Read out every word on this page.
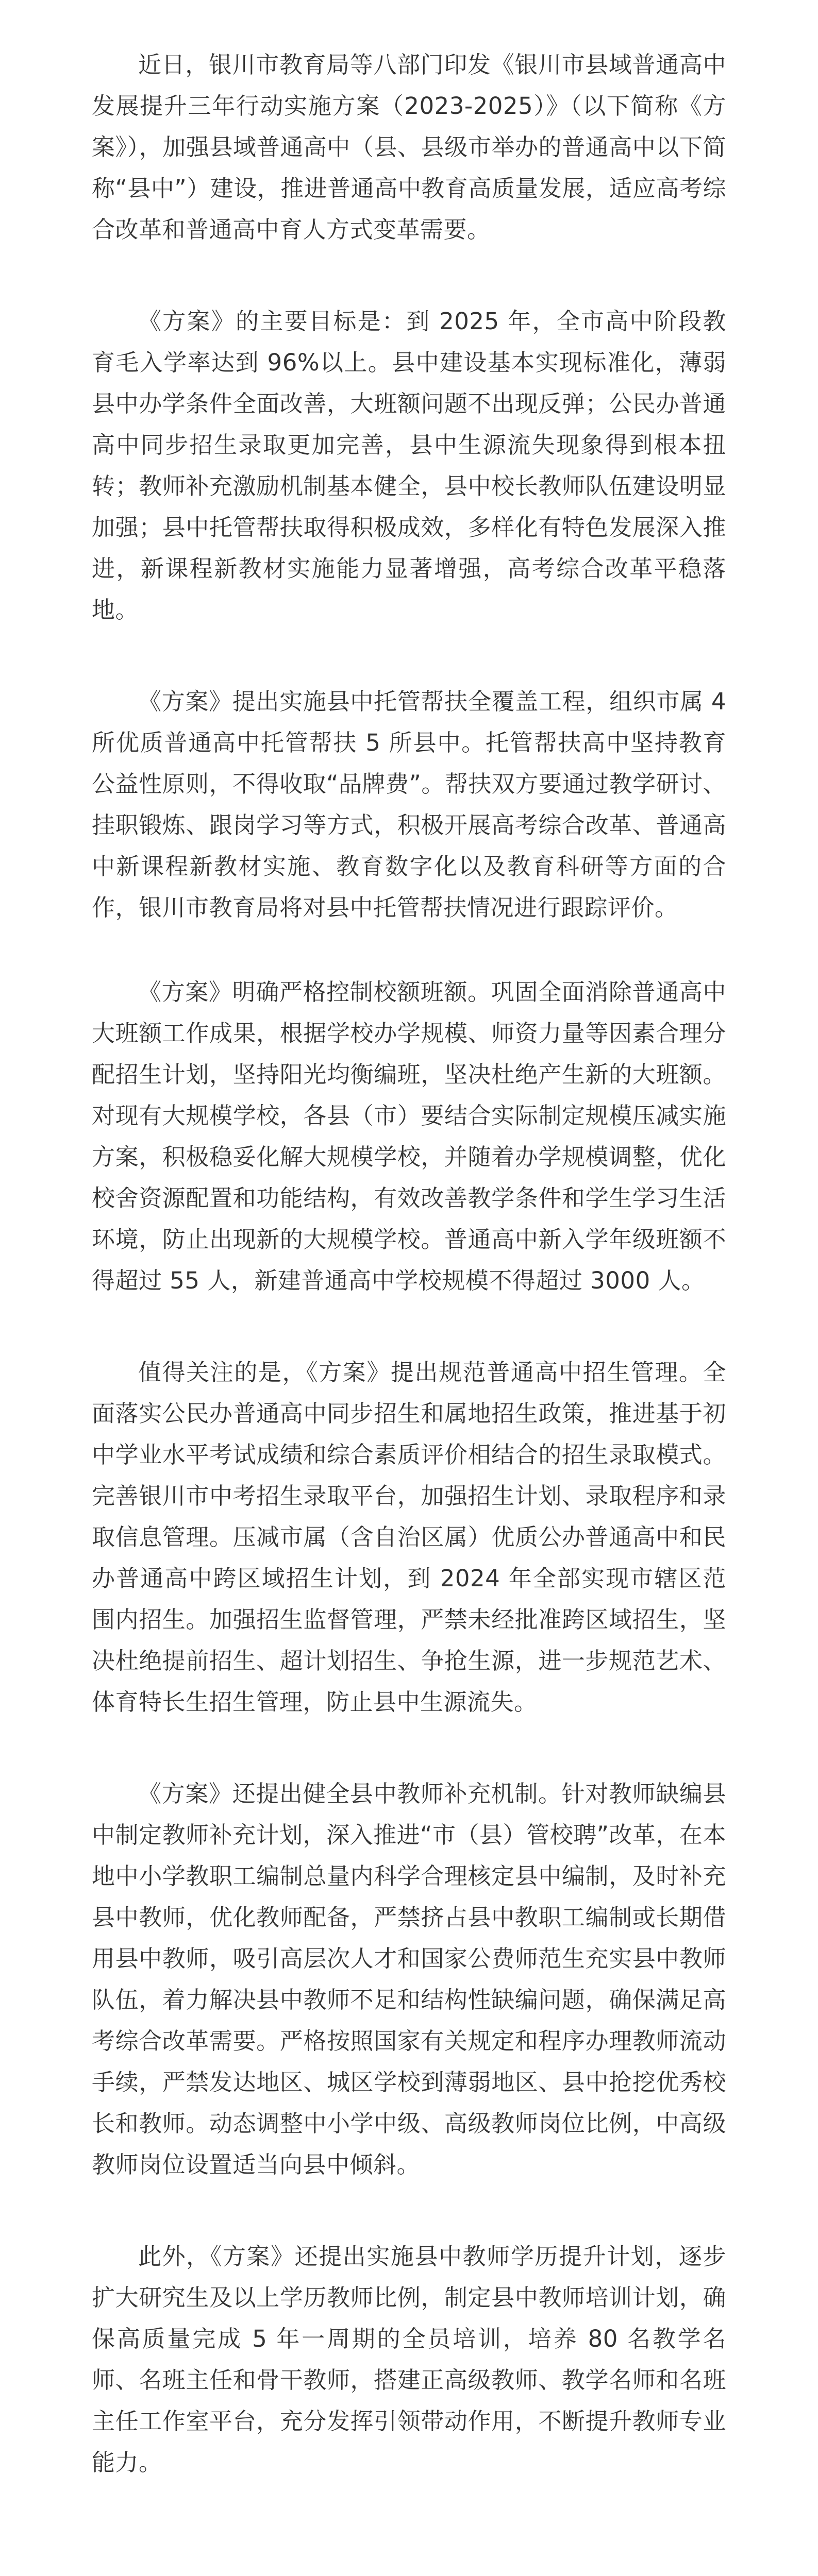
近日，银川市教育局等八部门印发《银川市县域普通高中发展提升三年行动实施方案（2023-2025）》（以下简称《方案》），加强县域普通高中（县、县级市举办的普通高中以下简称“县中”）建设，推进普通高中教育高质量发展，适应高考综合改革和普通高中育人方式变革需要。

《方案》的主要目标是：到 2025 年，全市高中阶段教育毛入学率达到 96%以上。县中建设基本实现标准化，薄弱县中办学条件全面改善，大班额问题不出现反弹；公民办普通高中同步招生录取更加完善，县中生源流失现象得到根本扭转；教师补充激励机制基本健全，县中校长教师队伍建设明显加强；县中托管帮扶取得积极成效，多样化有特色发展深入推进，新课程新教材实施能力显著增强，高考综合改革平稳落地。

《方案》提出实施县中托管帮扶全覆盖工程，组织市属 4 所优质普通高中托管帮扶 5 所县中。托管帮扶高中坚持教育公益性原则，不得收取“品牌费”。帮扶双方要通过教学研讨、挂职锻炼、跟岗学习等方式，积极开展高考综合改革、普通高中新课程新教材实施、教育数字化以及教育科研等方面的合作，银川市教育局将对县中托管帮扶情况进行跟踪评价。

《方案》明确严格控制校额班额。巩固全面消除普通高中大班额工作成果，根据学校办学规模、师资力量等因素合理分配招生计划，坚持阳光均衡编班，坚决杜绝产生新的大班额。对现有大规模学校，各县（市）要结合实际制定规模压减实施方案，积极稳妥化解大规模学校，并随着办学规模调整，优化校舍资源配置和功能结构，有效改善教学条件和学生学习生活环境，防止出现新的大规模学校。普通高中新入学年级班额不得超过 55 人，新建普通高中学校规模不得超过 3000 人。

值得关注的是，《方案》提出规范普通高中招生管理。全面落实公民办普通高中同步招生和属地招生政策，推进基于初中学业水平考试成绩和综合素质评价相结合的招生录取模式。完善银川市中考招生录取平台，加强招生计划、录取程序和录取信息管理。压减市属（含自治区属）优质公办普通高中和民办普通高中跨区域招生计划，到 2024 年全部实现市辖区范围内招生。加强招生监督管理，严禁未经批准跨区域招生，坚决杜绝提前招生、超计划招生、争抢生源，进一步规范艺术、体育特长生招生管理，防止县中生源流失。

《方案》还提出健全县中教师补充机制。针对教师缺编县中制定教师补充计划，深入推进“市（县）管校聘”改革，在本地中小学教职工编制总量内科学合理核定县中编制，及时补充县中教师，优化教师配备，严禁挤占县中教职工编制或长期借用县中教师，吸引高层次人才和国家公费师范生充实县中教师队伍，着力解决县中教师不足和结构性缺编问题，确保满足高考综合改革需要。严格按照国家有关规定和程序办理教师流动手续，严禁发达地区、城区学校到薄弱地区、县中抢挖优秀校长和教师。动态调整中小学中级、高级教师岗位比例，中高级教师岗位设置适当向县中倾斜。

此外，《方案》还提出实施县中教师学历提升计划，逐步扩大研究生及以上学历教师比例，制定县中教师培训计划，确保高质量完成 5 年一周期的全员培训，培养 80 名教学名师、名班主任和骨干教师，搭建正高级教师、教学名师和名班主任工作室平台，充分发挥引领带动作用，不断提升教师专业能力。
